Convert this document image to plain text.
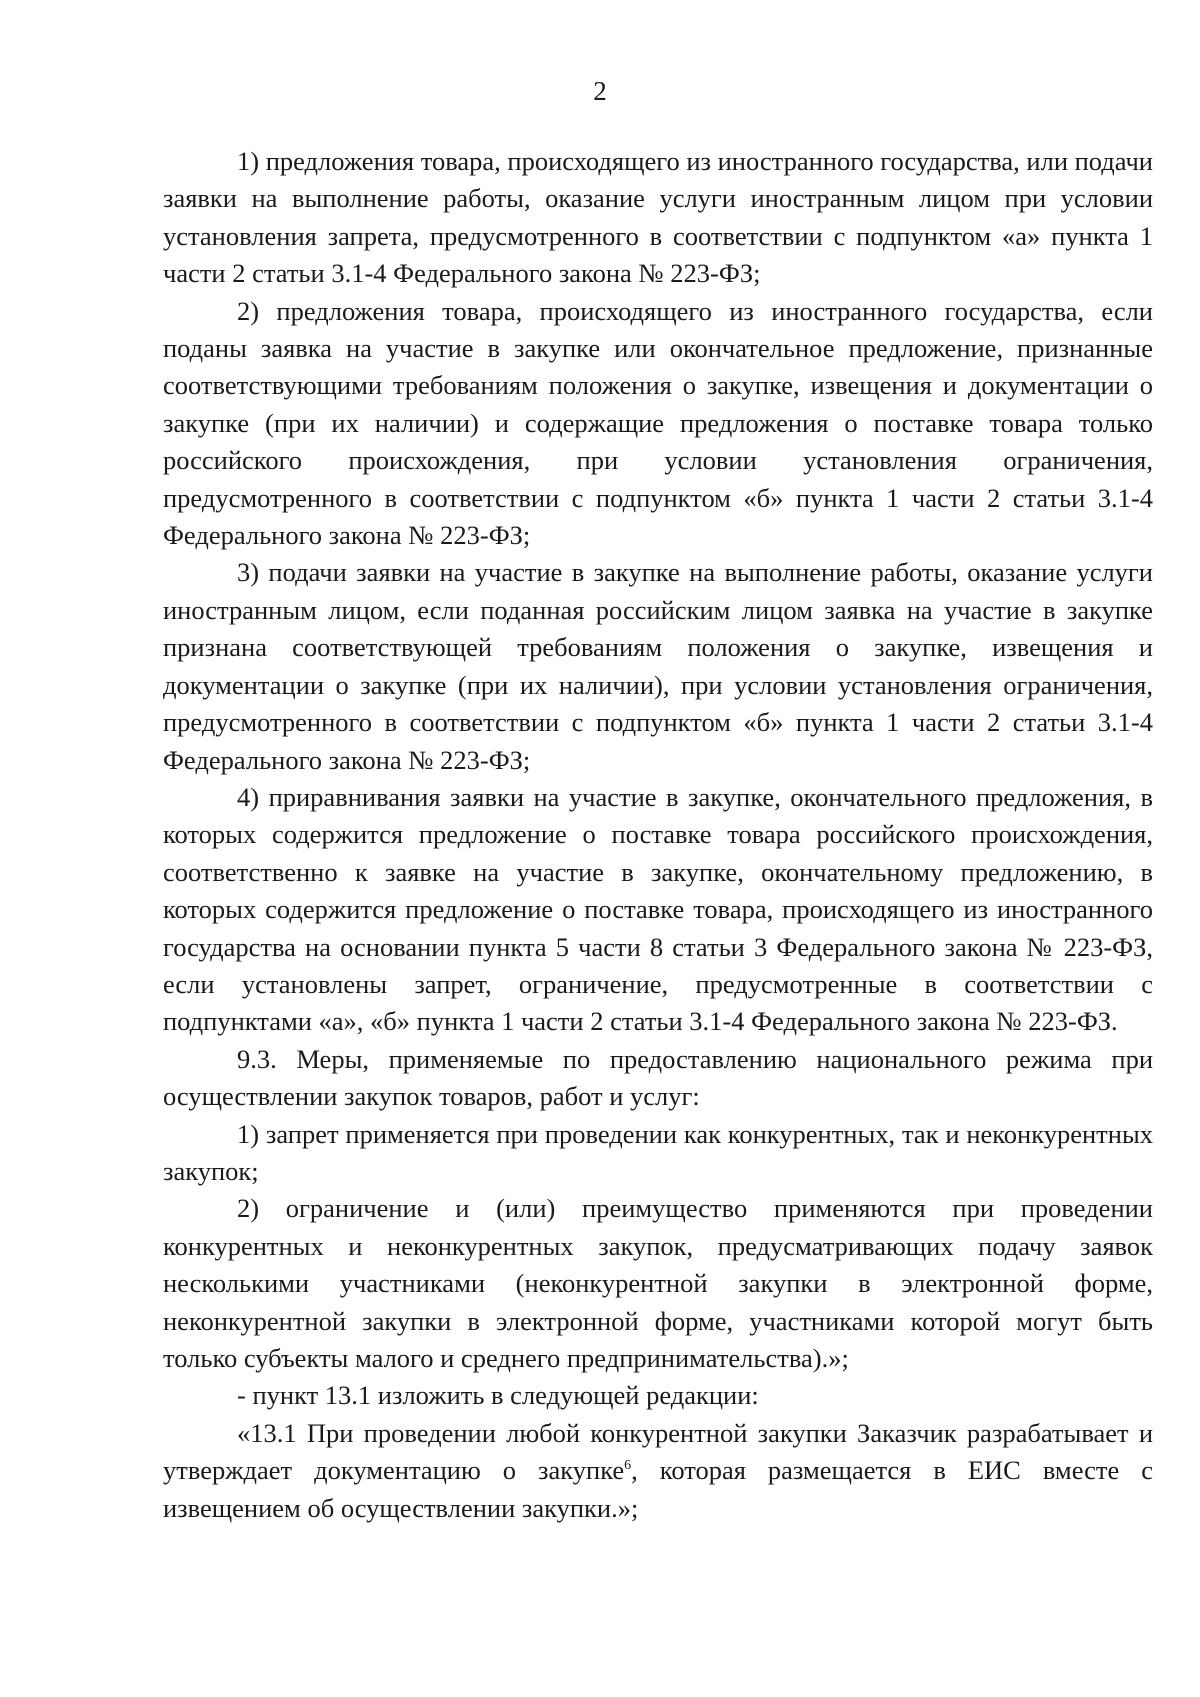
2

1) предложения товара, происходящего из иностранного государства, или подачи заявки на выполнение работы, оказание услуги иностранным лицом при условии установления запрета, предусмотренного в соответствии с подпунктом «а» пункта 1 части 2 статьи 3.1-4 Федерального закона № 223-ФЗ;

2) предложения товара, происходящего из иностранного государства, если поданы заявка на участие в закупке или окончательное предложение, признанные соответствующими требованиям положения о закупке, извещения и документации о закупке (при их наличии) и содержащие предложения о поставке товара только российского происхождения, при условии установления ограничения, предусмотренного в соответствии с подпунктом «б» пункта 1 части 2 статьи 3.1-4 Федерального закона № 223-ФЗ;

3) подачи заявки на участие в закупке на выполнение работы, оказание услуги иностранным лицом, если поданная российским лицом заявка на участие в закупке признана соответствующей требованиям положения о закупке, извещения и документации о закупке (при их наличии), при условии установления ограничения, предусмотренного в соответствии с подпунктом «б» пункта 1 части 2 статьи 3.1-4 Федерального закона № 223-ФЗ;

4) приравнивания заявки на участие в закупке, окончательного предложения, в которых содержится предложение о поставке товара российского происхождения, соответственно к заявке на участие в закупке, окончательному предложению, в которых содержится предложение о поставке товара, происходящего из иностранного государства на основании пункта 5 части 8 статьи 3 Федерального закона № 223-ФЗ, если установлены запрет, ограничение, предусмотренные в соответствии с подпунктами «а», «б» пункта 1 части 2 статьи 3.1-4 Федерального закона № 223-ФЗ.

9.3. Меры, применяемые по предоставлению национального режима при осуществлении закупок товаров, работ и услуг:

1) запрет применяется при проведении как конкурентных, так и неконкурентных закупок;

2) ограничение и (или) преимущество применяются при проведении конкурентных и неконкурентных закупок, предусматривающих подачу заявок несколькими участниками (неконкурентной закупки в электронной форме, неконкурентной закупки в электронной форме, участниками которой могут быть только субъекты малого и среднего предпринимательства).»;

- пункт 13.1 изложить в следующей редакции:

«13.1 При проведении любой конкурентной закупки Заказчик разрабатывает и утверждает документацию о закупке$^6$, которая размещается в ЕИС вместе с извещением об осуществлении закупки.»;
